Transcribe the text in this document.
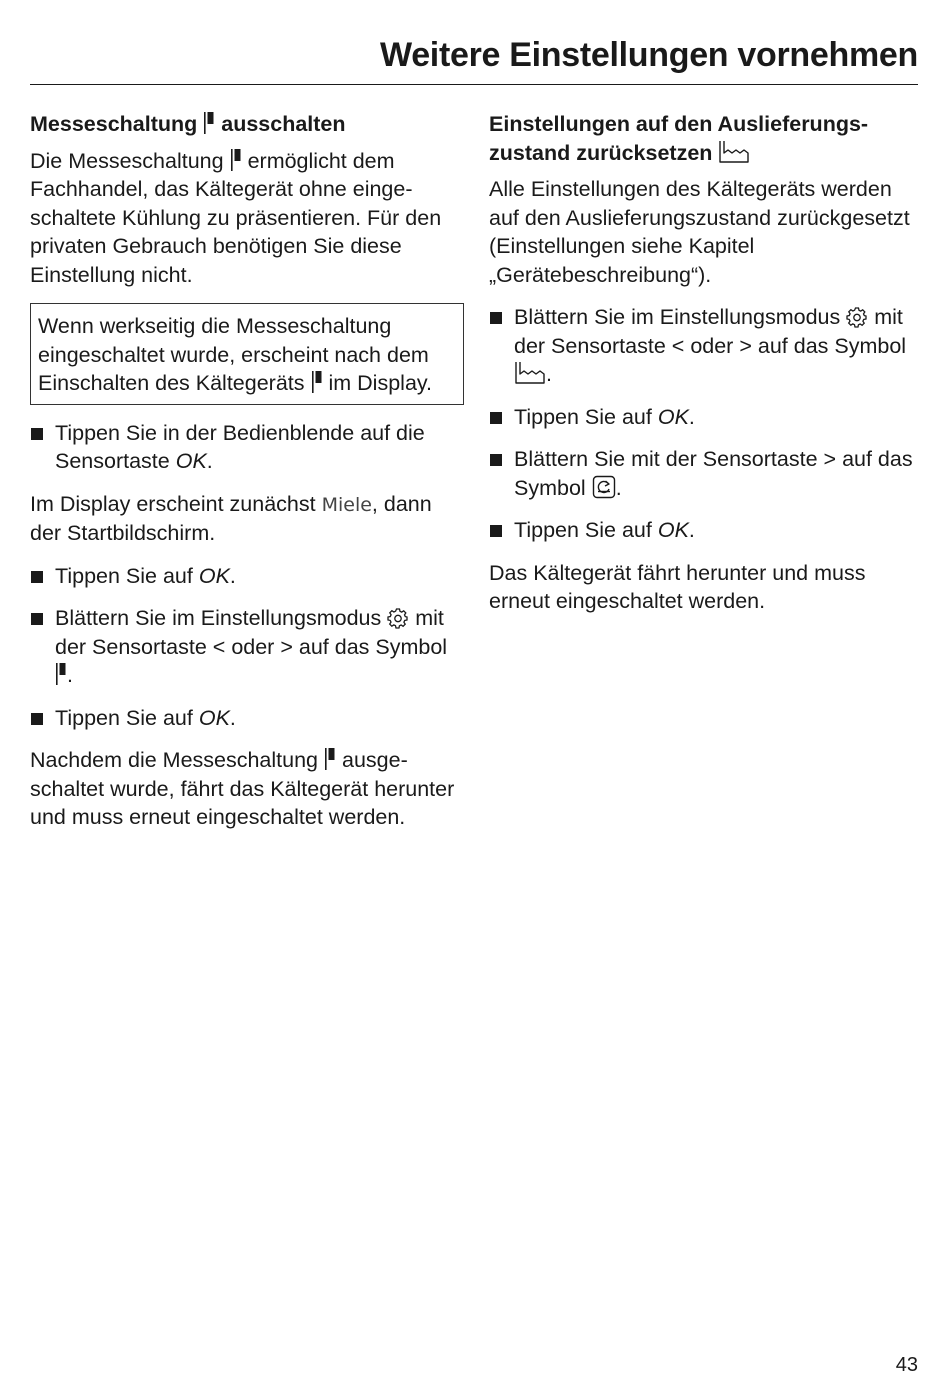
Weitere Einstellungen vornehmen
Messeschaltung ausschalten
Die Messeschaltung ermöglicht dem Fachhandel, das Kältegerät ohne eingeschaltete Kühlung zu präsentieren. Für den privaten Gebrauch benötigen Sie diese Einstellung nicht.
Wenn werkseitig die Messeschaltung eingeschaltet wurde, erscheint nach dem Einschalten des Kältegeräts im Display.
Tippen Sie in der Bedienblende auf die Sensortaste OK.
Im Display erscheint zunächst Miele, dann der Startbildschirm.
Tippen Sie auf OK.
Blättern Sie im Einstellungsmodus mit der Sensortaste < oder > auf das Symbol .
Tippen Sie auf OK.
Nachdem die Messeschaltung ausgeschaltet wurde, fährt das Kältegerät herunter und muss erneut eingeschaltet werden.
Einstellungen auf den Auslieferungszustand zurücksetzen
Alle Einstellungen des Kältegeräts werden auf den Auslieferungszustand zurückgesetzt (Einstellungen siehe Kapitel „Gerätebeschreibung“).
Blättern Sie im Einstellungsmodus mit der Sensortaste < oder > auf das Symbol .
Tippen Sie auf OK.
Blättern Sie mit der Sensortaste > auf das Symbol .
Tippen Sie auf OK.
Das Kältegerät fährt herunter und muss erneut eingeschaltet werden.
43
